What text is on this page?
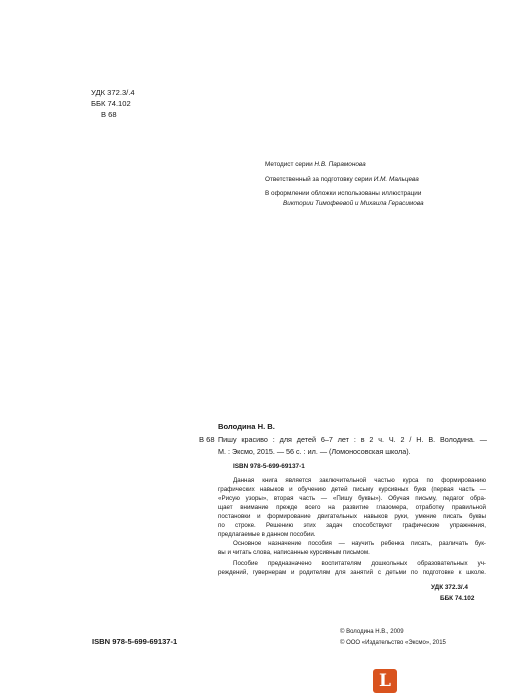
УДК 372.3/.4
ББК 74.102
В 68
Методист серии Н.В. Парамонова
Ответственный за подготовку серии И.М. Мальцева
В оформлении обложки использованы иллюстрации
Виктории Тимофеевой и Михаила Герасимова
Володина Н. В.
В 68 Пишу красиво : для детей 6–7 лет : в 2 ч. Ч. 2 / Н. В. Володина. —
М. : Эксмо, 2015. — 56 с. : ил. — (Ломоносовская школа).
ISBN 978-5-699-69137-1
Данная книга является заключительной частью курса по формированию
графических навыков и обучению детей письму курсивных букв (первая часть —
«Рисую узоры», вторая часть — «Пишу буквы»). Обучая письму, педагог обра-
щает внимание прежде всего на развитие глазомера, отработку правильной
постановки и формирование двигательных навыков руки, умение писать буквы
по строке. Решению этих задач способствуют графические упражнения,
предлагаемые в данном пособии.
Основное назначение пособия — научить ребенка писать, различать бук-
вы и читать слова, написанные курсивным письмом.
Пособие предназначено воспитателям дошкольных образовательных уч-
реждений, гувернерам и родителям для занятий с детьми по подготовке к школе.
УДК 372.3/.4
ББК 74.102
ISBN 978-5-699-69137-1
© Володина Н.В., 2009
© ООО «Издательство «Эксмо», 2015
L
